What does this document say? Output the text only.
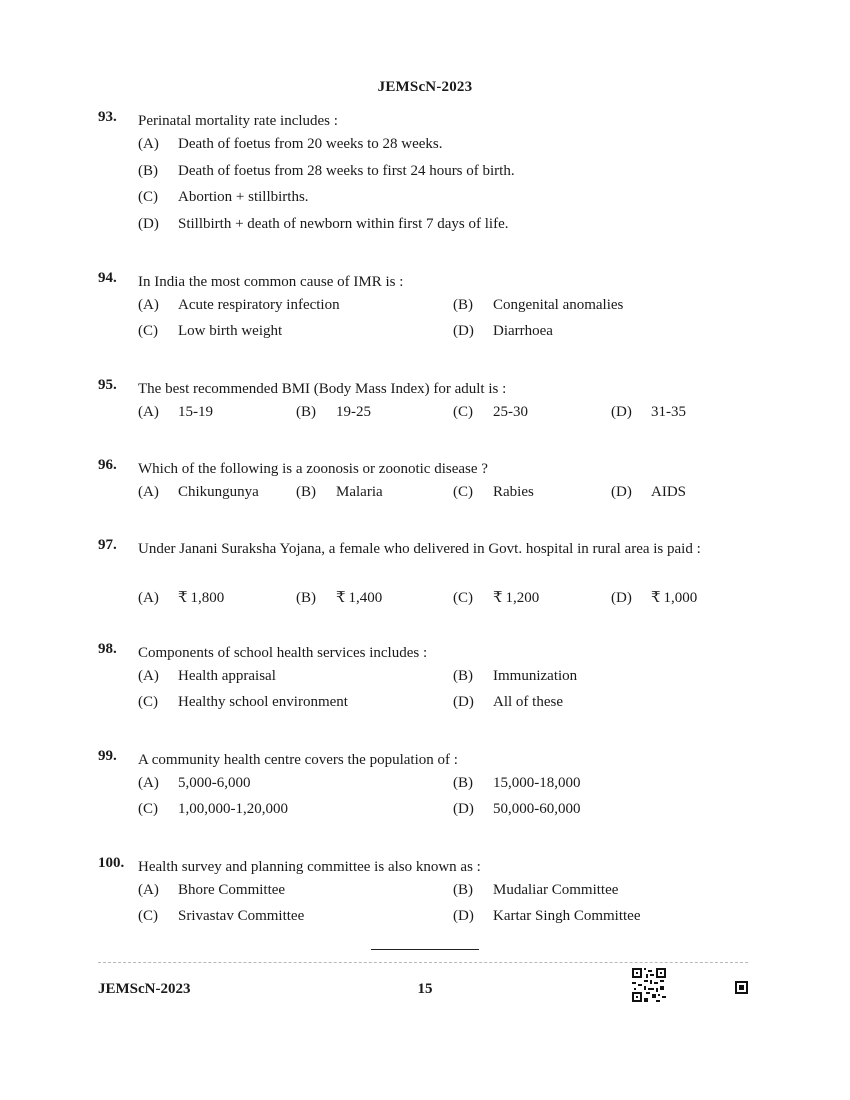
JEMScN-2023
93. Perinatal mortality rate includes :
(A) Death of foetus from 20 weeks to 28 weeks.
(B) Death of foetus from 28 weeks to first 24 hours of birth.
(C) Abortion + stillbirths.
(D) Stillbirth + death of newborn within first 7 days of life.
94. In India the most common cause of IMR is :
(A) Acute respiratory infection	(B) Congenital anomalies
(C) Low birth weight	(D) Diarrhoea
95. The best recommended BMI (Body Mass Index) for adult is :
(A) 15-19	(B) 19-25	(C) 25-30	(D) 31-35
96. Which of the following is a zoonosis or zoonotic disease ?
(A) Chikungunya (B) Malaria	(C) Rabies	(D) AIDS
97. Under Janani Suraksha Yojana, a female who delivered in Govt. hospital in rural area is paid :
(A) ₹ 1,800	(B) ₹ 1,400	(C) ₹ 1,200	(D) ₹ 1,000
98. Components of school health services includes :
(A) Health appraisal	(B) Immunization
(C) Healthy school environment	(D) All of these
99. A community health centre covers the population of :
(A) 5,000-6,000	(B) 15,000-18,000
(C) 1,00,000-1,20,000	(D) 50,000-60,000
100. Health survey and planning committee is also known as :
(A) Bhore Committee	(B) Mudaliar Committee
(C) Srivastav Committee	(D) Kartar Singh Committee
JEMScN-2023	15
